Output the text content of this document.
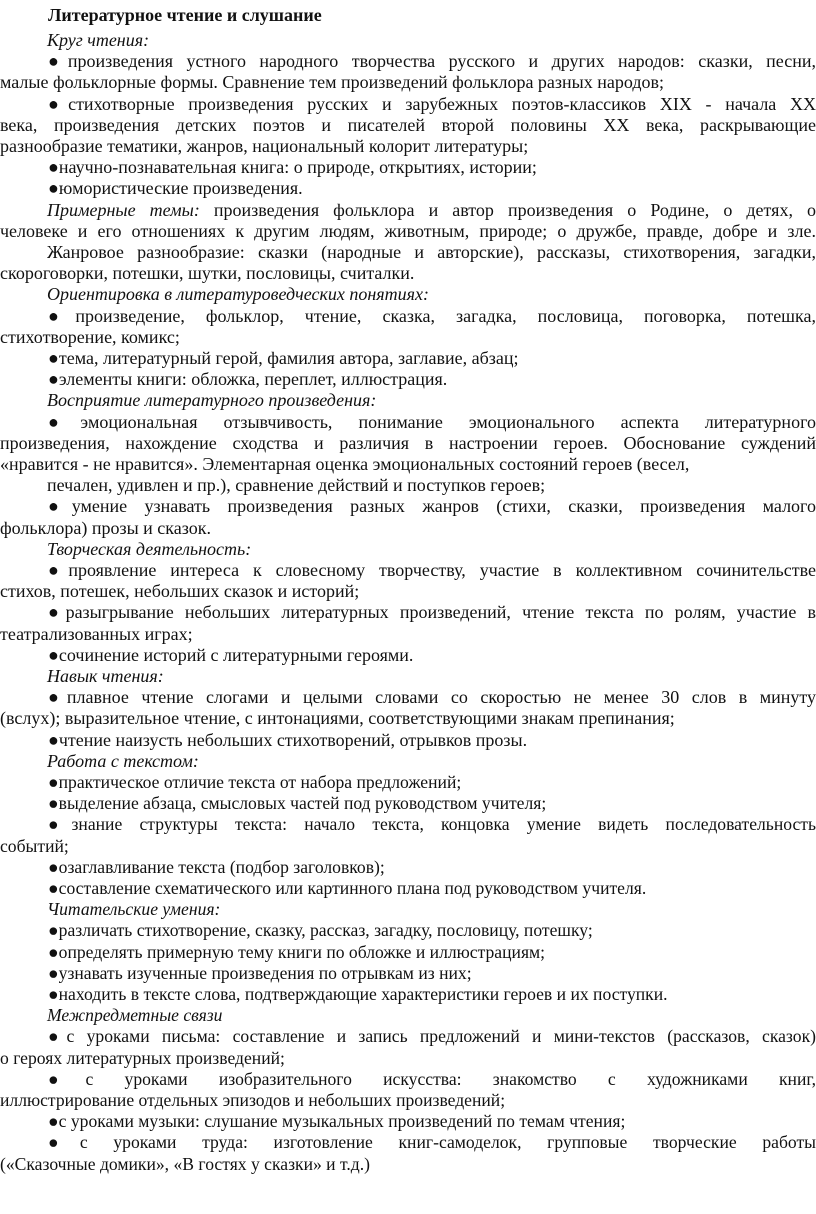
Литературное чтение и слушание
Круг чтения:
●произведения устного народного творчества русского и других народов: сказки, песни,
малые фольклорные формы. Сравнение тем произведений фольклора разных народов;
●стихотворные произведения русских и зарубежных поэтов-классиков XIX - начала XX
века, произведения детских поэтов и писателей второй половины XX века, раскрывающие
разнообразие тематики, жанров, национальный колорит литературы;
●научно-познавательная книга: о природе, открытиях, истории;
●юмористические произведения.
Примерные темы: произведения фольклора и автор произведения о Родине, о детях, о
человеке и его отношениях к другим людям, животным, природе; о дружбе, правде, добре и зле.
Жанровое разнообразие: сказки (народные и авторские), рассказы, стихотворения, загадки,
скороговорки, потешки, шутки, пословицы, считалки.
Ориентировка в литературоведческих понятиях:
●произведение, фольклор, чтение, сказка, загадка, пословица, поговорка, потешка,
стихотворение, комикс;
●тема, литературный герой, фамилия автора, заглавие, абзац;
●элементы книги: обложка, переплет, иллюстрация.
Восприятие литературного произведения:
●эмоциональная отзывчивость, понимание эмоционального аспекта литературного
произведения, нахождение сходства и различия в настроении героев. Обоснование суждений
«нравится - не нравится». Элементарная оценка эмоциональных состояний героев (весел,
печален, удивлен и пр.), сравнение действий и поступков героев;
●умение узнавать произведения разных жанров (стихи, сказки, произведения малого
фольклора) прозы и сказок.
Творческая деятельность:
●проявление интереса к словесному творчеству, участие в коллективном сочинительстве
стихов, потешек, небольших сказок и историй;
●разыгрывание небольших литературных произведений, чтение текста по ролям, участие в
театрализованных играх;
●сочинение историй с литературными героями.
Навык чтения:
●плавное чтение слогами и целыми словами со скоростью не менее 30 слов в минуту
(вслух); выразительное чтение, с интонациями, соответствующими знакам препинания;
●чтение наизусть небольших стихотворений, отрывков прозы.
Работа с текстом:
●практическое отличие текста от набора предложений;
●выделение абзаца, смысловых частей под руководством учителя;
●знание структуры текста: начало текста, концовка умение видеть последовательность
событий;
●озаглавливание текста (подбор заголовков);
●составление схематического или картинного плана под руководством учителя.
Читательские умения:
●различать стихотворение, сказку, рассказ, загадку, пословицу, потешку;
●определять примерную тему книги по обложке и иллюстрациям;
●узнавать изученные произведения по отрывкам из них;
●находить в тексте слова, подтверждающие характеристики героев и их поступки.
Межпредметные связи
●с уроками письма: составление и запись предложений и мини-текстов (рассказов, сказок)
о героях литературных произведений;
●с уроками изобразительного искусства: знакомство с художниками книг,
иллюстрирование отдельных эпизодов и небольших произведений;
●с уроками музыки: слушание музыкальных произведений по темам чтения;
●с уроками труда: изготовление книг-самоделок, групповые творческие работы
(«Сказочные домики», «В гостях у сказки» и т.д.)
